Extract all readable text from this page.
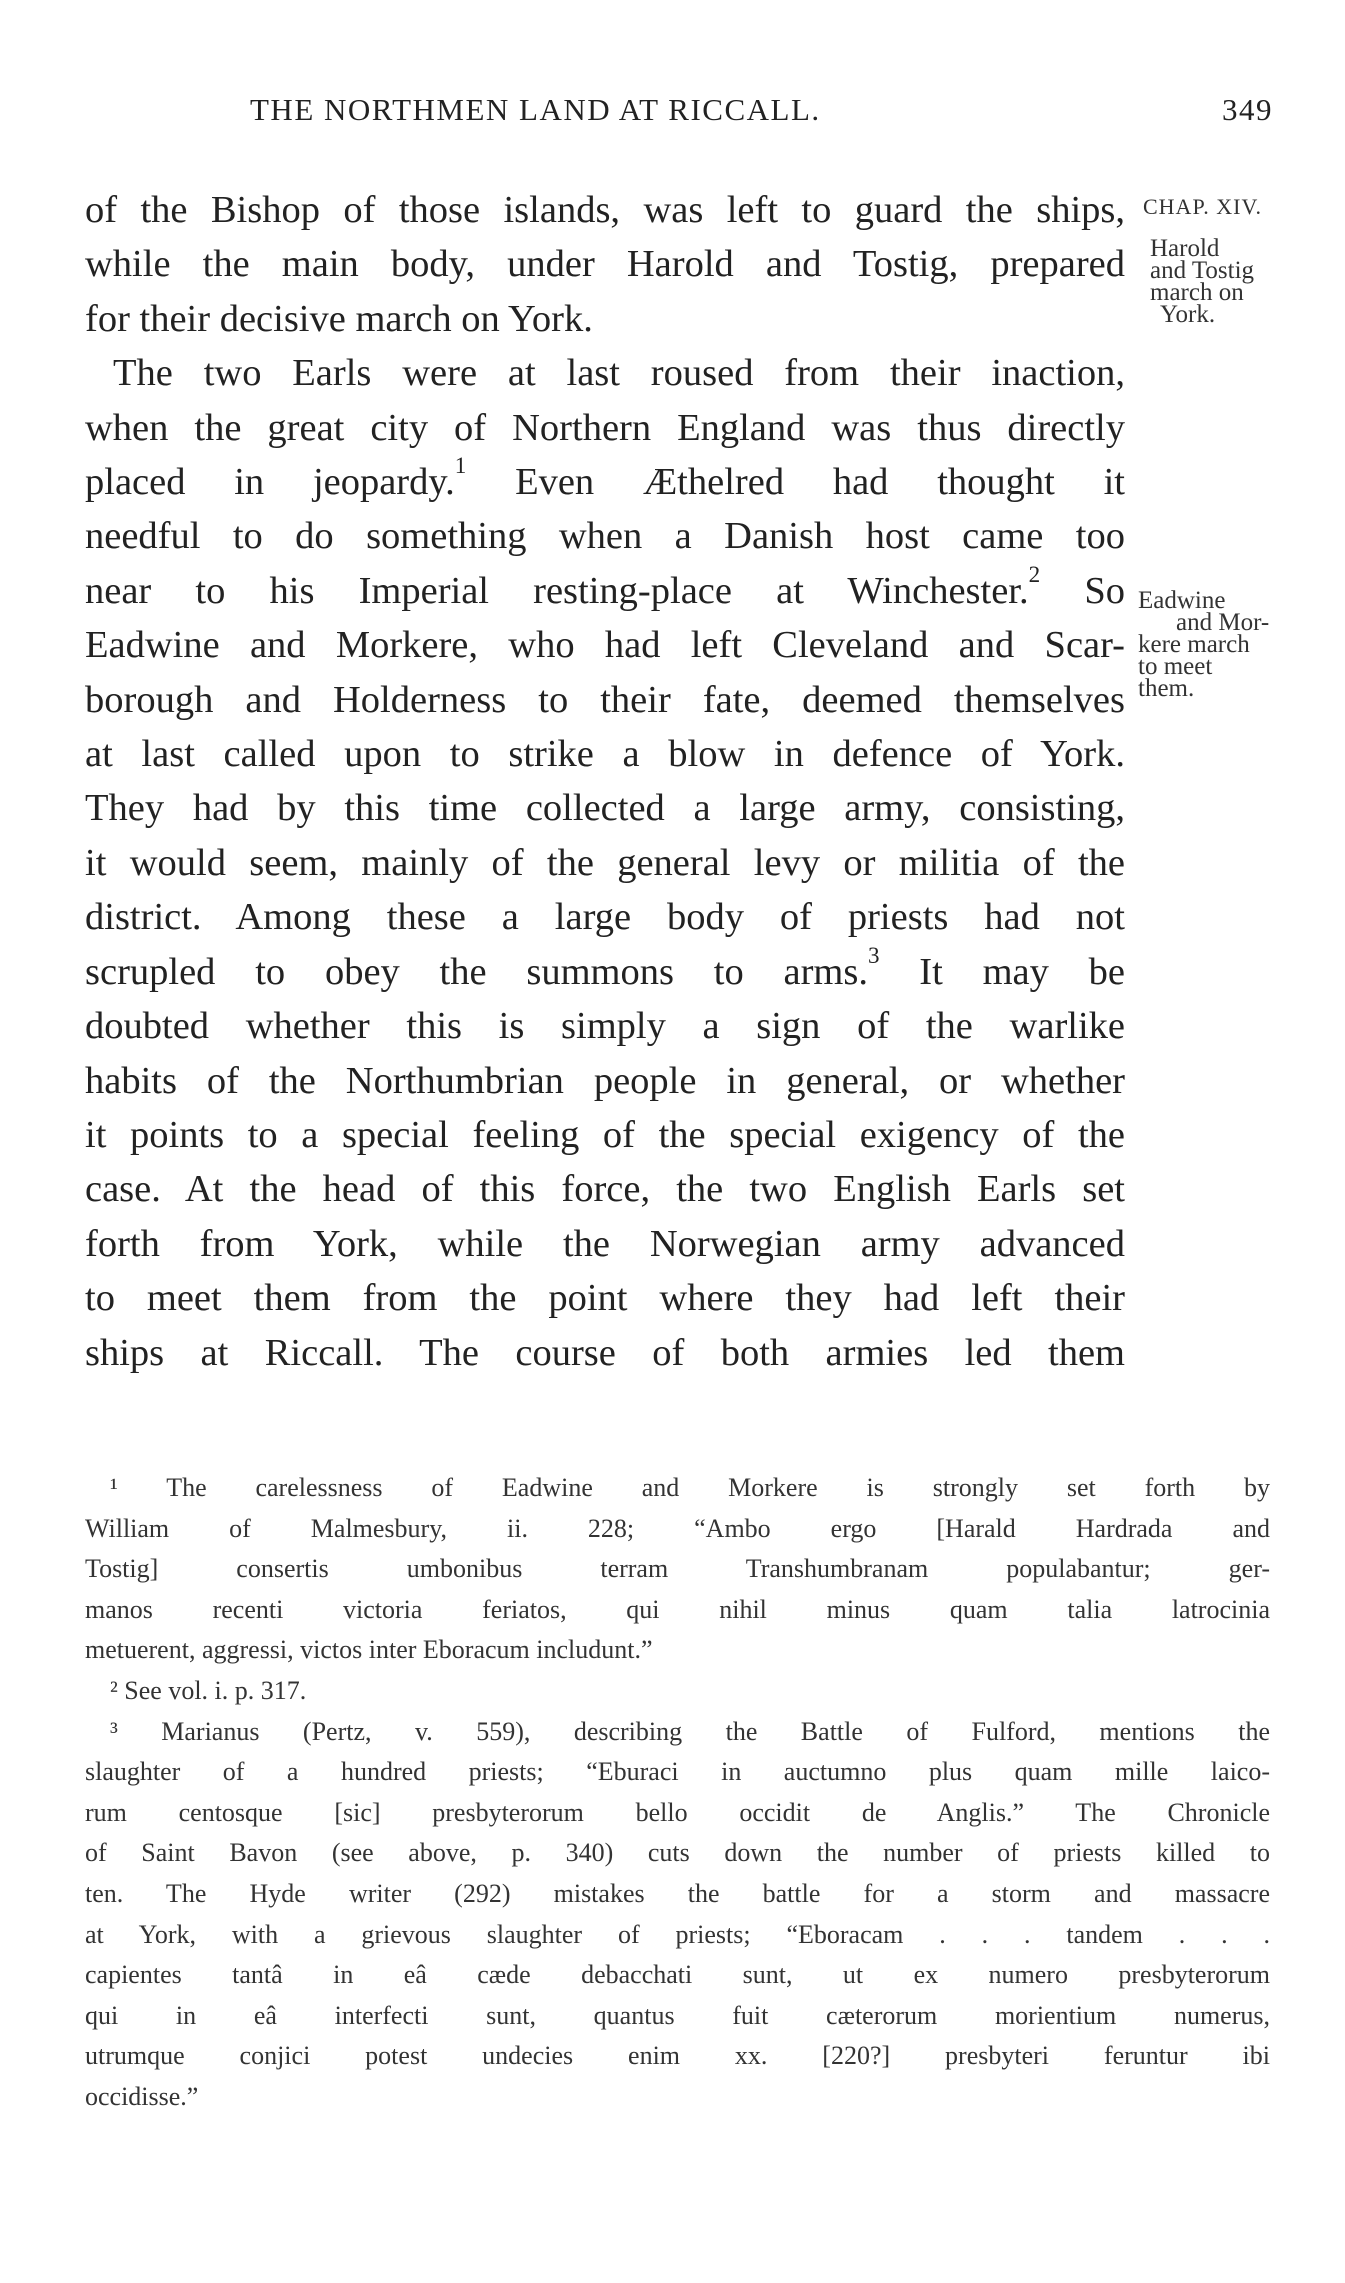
THE NORTHMEN LAND AT RICCALL.	349
of the Bishop of those islands, was left to guard the ships,
while the main body, under Harold and Tostig, prepared
for their decisive march on York.
The two Earls were at last roused from their inaction,
when the great city of Northern England was thus directly
placed in jeopardy.$^1$ Even Æthelred had thought it
needful to do something when a Danish host came too
near to his Imperial resting-place at Winchester.$^2$ So
Eadwine and Morkere, who had left Cleveland and Scar-
borough and Holderness to their fate, deemed themselves
at last called upon to strike a blow in defence of York.
They had by this time collected a large army, consisting,
it would seem, mainly of the general levy or militia of the
district. Among these a large body of priests had not
scrupled to obey the summons to arms.$^3$ It may be
doubted whether this is simply a sign of the warlike
habits of the Northumbrian people in general, or whether
it points to a special feeling of the special exigency of the
case. At the head of this force, the two English Earls set
forth from York, while the Norwegian army advanced
to meet them from the point where they had left their
ships at Riccall. The course of both armies led them
CHAP. XIV.
Harold
and Tostig
march on
York.
Eadwine
and Mor-
kere march
to meet
them.
¹ The carelessness of Eadwine and Morkere is strongly set forth by
William of Malmesbury, ii. 228; “Ambo ergo [Harald Hardrada and
Tostig] consertis umbonibus terram Transhumbranam populabantur; ger-
manos recenti victoria feriatos, qui nihil minus quam talia latrocinia
metuerent, aggressi, victos inter Eboracum includunt.”
² See vol. i. p. 317.
³ Marianus (Pertz, v. 559), describing the Battle of Fulford, mentions the
slaughter of a hundred priests; “Eburaci in auctumno plus quam mille laico-
rum centosque [sic] presbyterorum bello occidit de Anglis.” The Chronicle
of Saint Bavon (see above, p. 340) cuts down the number of priests killed to
ten. The Hyde writer (292) mistakes the battle for a storm and massacre
at York, with a grievous slaughter of priests; “Eboracam . . . tandem . . .
capientes tantâ in eâ cæde debacchati sunt, ut ex numero presbyterorum
qui in eâ interfecti sunt, quantus fuit cæterorum morientium numerus,
utrumque conjici potest undecies enim xx. [220?] presbyteri feruntur ibi
occidisse.”
